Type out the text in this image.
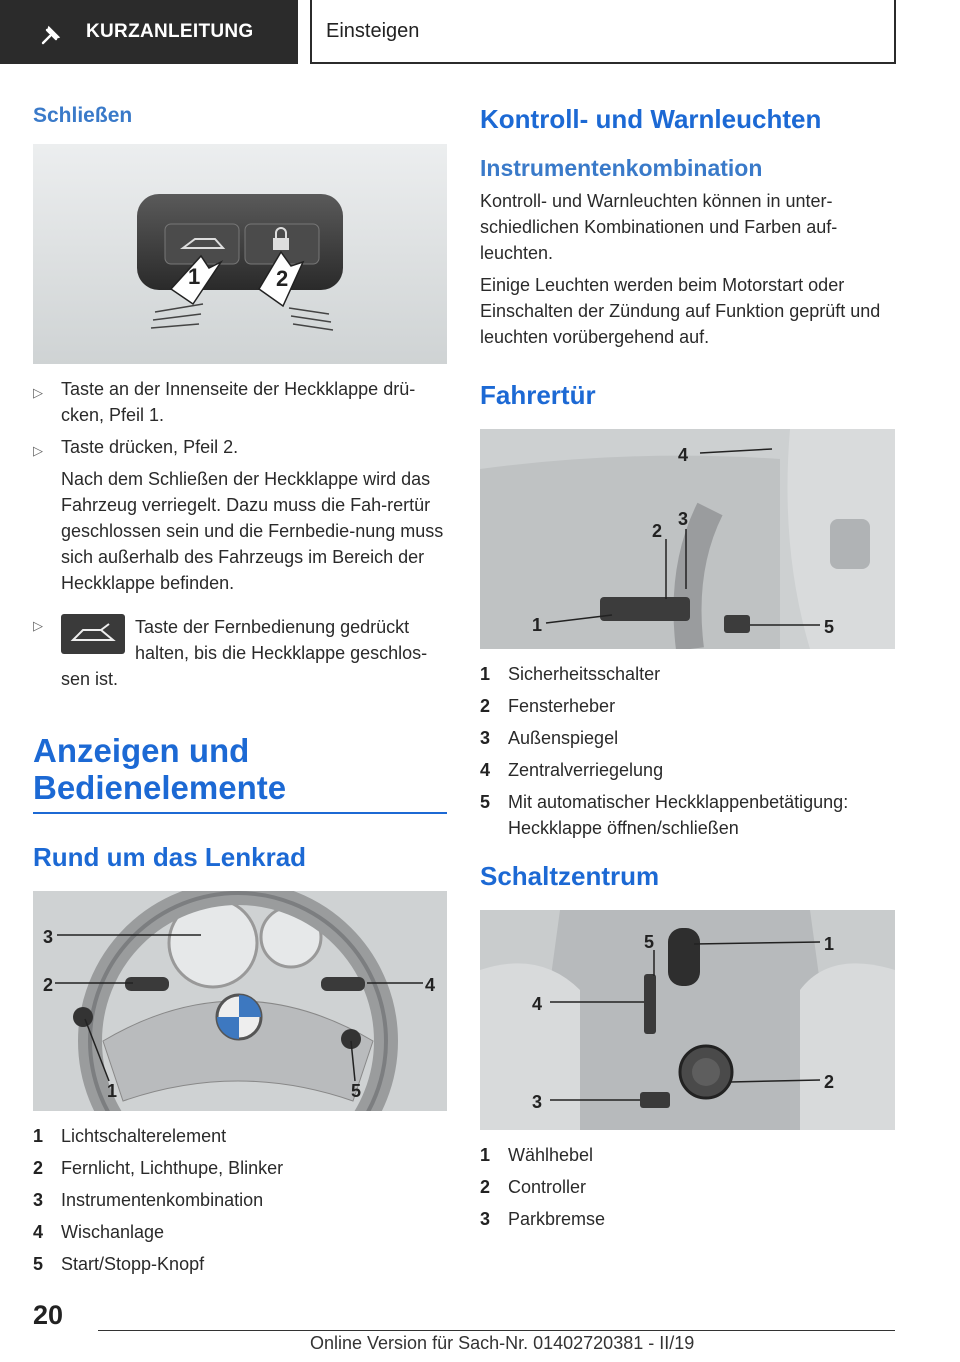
KURZANLEITUNG	Einsteigen
Schließen
1	2
▷ Taste an der Innenseite der Heckklappe drü-cken, Pfeil 1.
▷ Taste drücken, Pfeil 2.

Nach dem Schließen der Heckklappe wird das Fahrzeug verriegelt. Dazu muss die Fah-rertür geschlossen sein und die Fernbedie-nung muss sich außerhalb des Fahrzeugs im Bereich der Heckklappe befinden.

▷	Taste der Fernbedienung gedrückt
halten, bis die Heckklappe geschlos-
sen ist.
Anzeigen und
Bedienelemente
Rund um das Lenkrad
3
2	4
1	5
1 Lichtschalterelement
2 Fernlicht, Lichthupe, Blinker
3 Instrumentenkombination
4 Wischanlage
5 Start/Stopp-Knopf
Kontroll- und Warnleuchten
Instrumentenkombination

Kontroll- und Warnleuchten können in unter-schiedlichen Kombinationen und Farben auf-leuchten.

Einige Leuchten werden beim Motorstart oder Einschalten der Zündung auf Funktion geprüft und leuchten vorübergehend auf.

Fahrertür
1
2
3
4
5
1 Sicherheitsschalter
2 Fensterheber
3 Außenspiegel
4 Zentralverriegelung
5 Mit automatischer Heckklappenbetätigung: Heckklappe öffnen/schließen
Schaltzentrum
1
2
3
4
5
1 Wählhebel
2 Controller
3 Parkbremse
20
Online Version für Sach-Nr. 01402720381 - II/19
